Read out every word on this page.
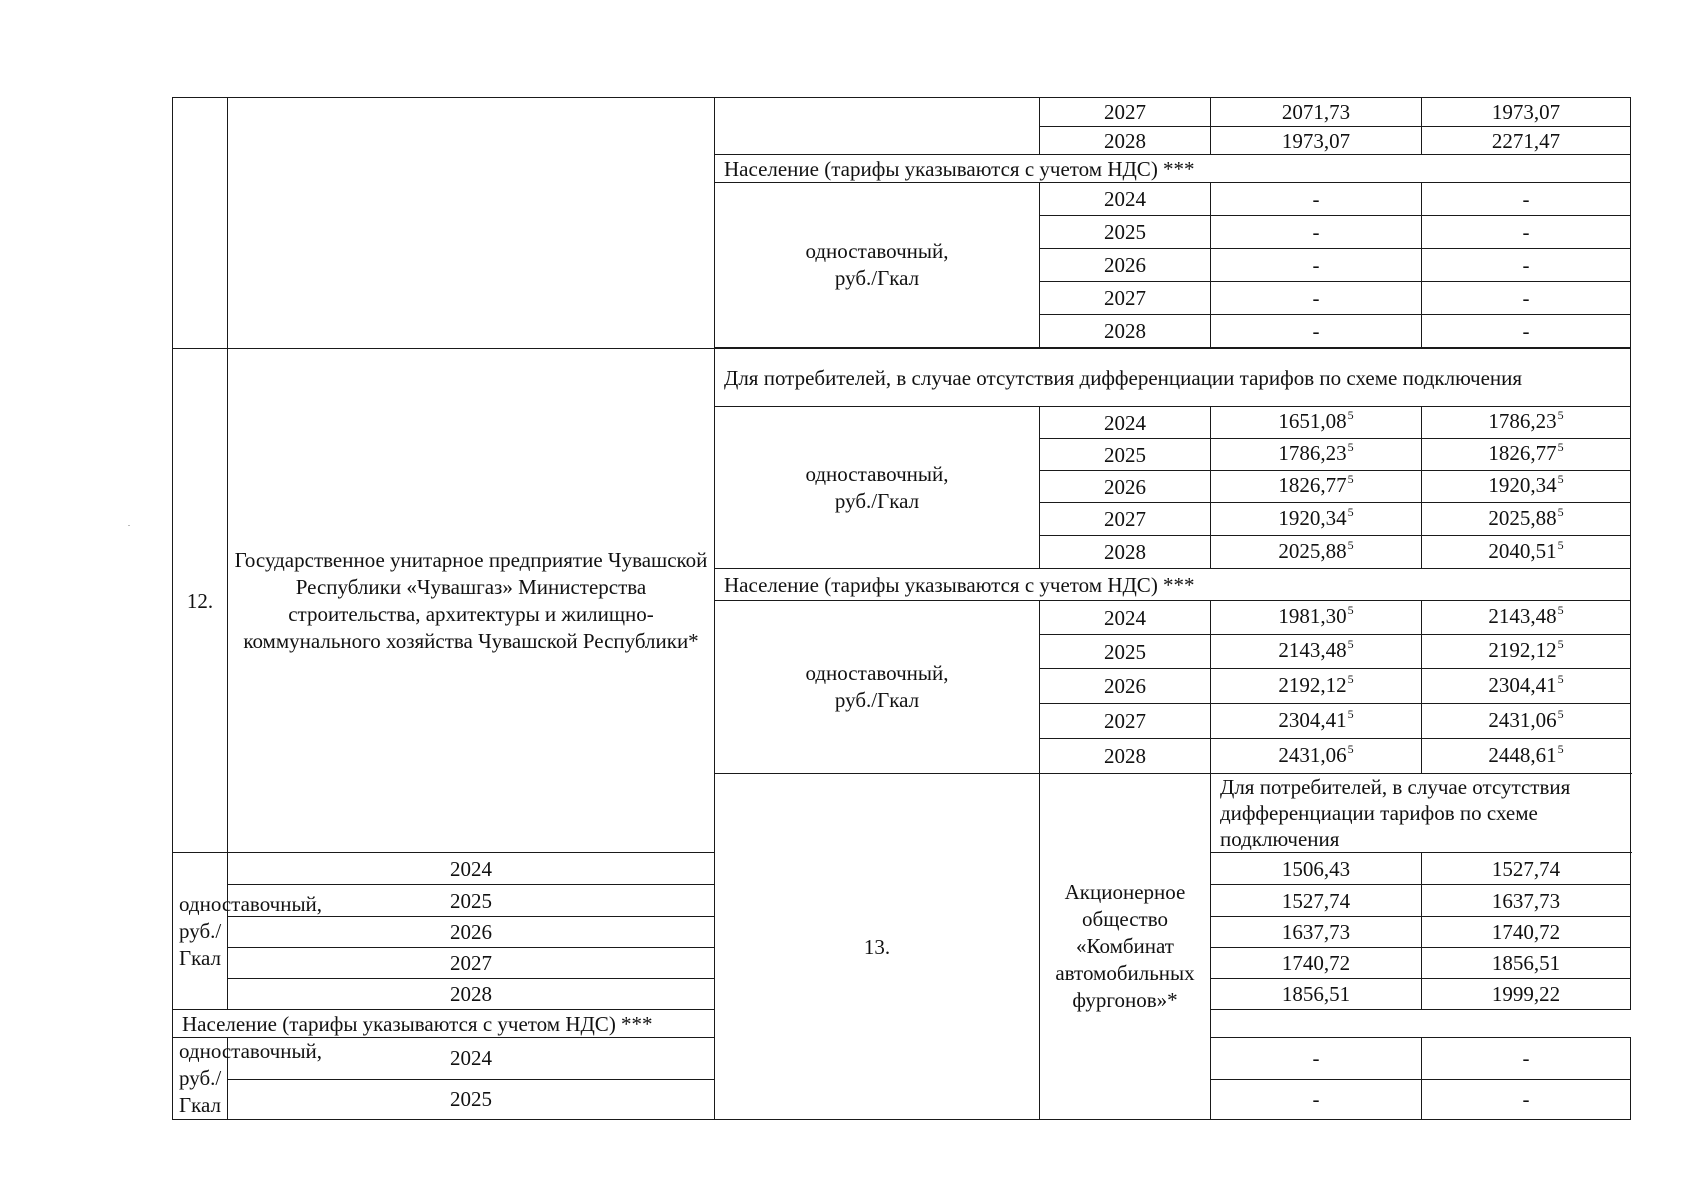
			2027	2071,73	1973,07
			2028	1973,07	2271,47
		Население (тарифы указываются с учетом НДС) ***			

		одноставочный,
руб./Гкал	2024	-	-
			2025	-	-
			2026	-	-
			2027	-	-
			2028	-	-

12.	Государственное унитарное предприятие Чувашской Республики «Чувашгаз» Министерства строительства, архитектуры и жилищно-коммунального хозяйства Чувашской Республики*	Для потребителей, в случае отсутствия дифференциации тарифов по схеме подключения			

		одноставочный,
руб./Гкал	2024	1651,08$^5$	1786,23$^5$
			2025	1786,23$^5$	1826,77$^5$
			2026	1826,77$^5$	1920,34$^5$
			2027	1920,34$^5$	2025,88$^5$
			2028	2025,88$^5$	2040,51$^5$
		Население (тарифы указываются с учетом НДС) ***			

		одноставочный,
руб./Гкал	2024	1981,30$^5$	2143,48$^5$
			2025	2143,48$^5$	2192,12$^5$
			2026	2192,12$^5$	2304,41$^5$
			2027	2304,41$^5$	2431,06$^5$
			2028	2431,06$^5$	2448,61$^5$
		13.	Акционерное общество «Комбинат автомобильных фургонов»*	Для потребителей, в случае отсутствия дифференциации тарифов по схеме подключения	

одноставочный,
руб./Гкал	2024			1506,43	1527,74
	2025			1527,74	1637,73
	2026			1637,73	1740,72
	2027			1740,72	1856,51
	2028			1856,51	1999,22
Население (тарифы указываются с учетом НДС) ***					

одноставочный,
руб./Гкал	2024			-	-
	2025			-	-
